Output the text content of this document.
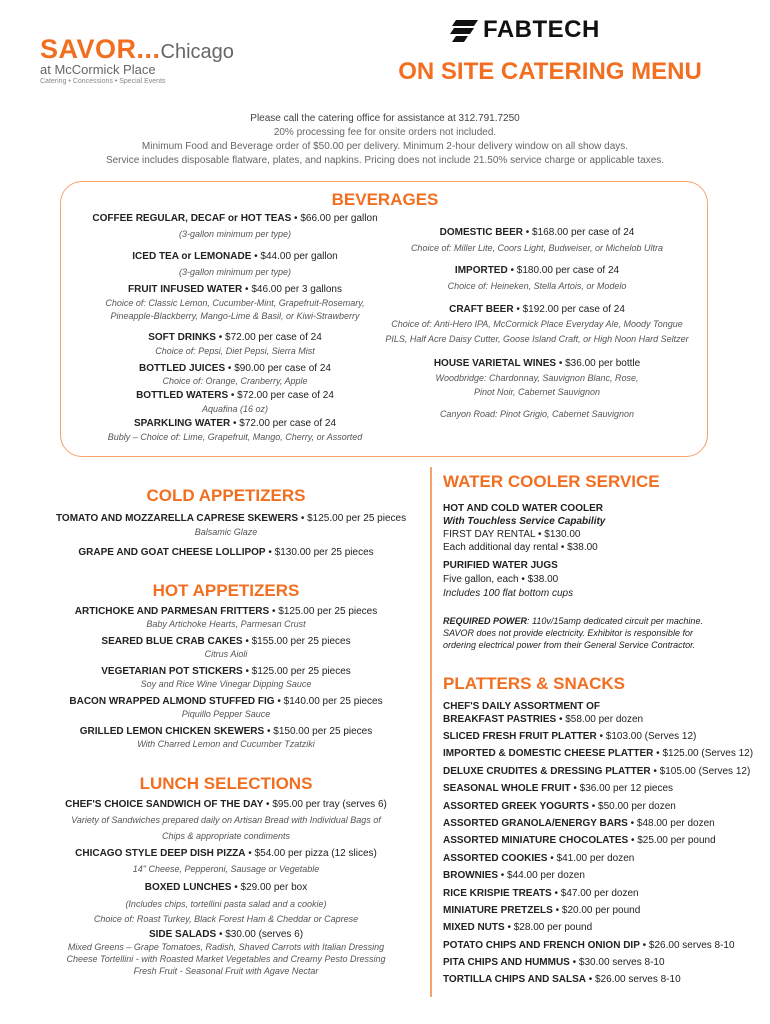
SAVOR...Chicago
at McCormick Place
Catering • Concessions • Special Events
FABTECH
ON SITE CATERING MENU
Please call the catering office for assistance at 312.791.7250
20% processing fee for onsite orders not included.
Minimum Food and Beverage order of $50.00 per delivery. Minimum 2-hour delivery window on all show days.
Service includes disposable flatware, plates, and napkins. Pricing does not include 21.50% service charge or applicable taxes.
BEVERAGES
COFFEE REGULAR, DECAF or HOT TEAS • $66.00 per gallon
(3-gallon minimum per type)
ICED TEA or LEMONADE • $44.00 per gallon
(3-gallon minimum per type)
FRUIT INFUSED WATER • $46.00 per 3 gallons
Choice of: Classic Lemon, Cucumber-Mint, Grapefruit-Rosemary,
Pineapple-Blackberry, Mango-Lime & Basil, or Kiwi-Strawberry
SOFT DRINKS • $72.00 per case of 24
Choice of: Pepsi, Diet Pepsi, Sierra Mist
BOTTLED JUICES • $90.00 per case of 24
Choice of: Orange, Cranberry, Apple
BOTTLED WATERS • $72.00 per case of 24
Aquafina (16 oz)
SPARKLING WATER • $72.00 per case of 24
Bubly – Choice of: Lime, Grapefruit, Mango, Cherry, or Assorted
DOMESTIC BEER • $168.00 per case of 24
Choice of: Miller Lite, Coors Light, Budweiser, or Michelob Ultra
IMPORTED • $180.00 per case of 24
Choice of: Heineken, Stella Artois, or Modelo
CRAFT BEER • $192.00 per case of 24
Choice of: Anti-Hero IPA, McCormick Place Everyday Ale, Moody Tongue
PILS, Half Acre Daisy Cutter, Goose Island Craft, or High Noon Hard Seltzer
HOUSE VARIETAL WINES • $36.00 per bottle
Woodbridge: Chardonnay, Sauvignon Blanc, Rose,
Pinot Noir, Cabernet Sauvignon
Canyon Road: Pinot Grigio, Cabernet Sauvignon
COLD APPETIZERS
TOMATO AND MOZZARELLA CAPRESE SKEWERS • $125.00 per 25 pieces
Balsamic Glaze
GRAPE AND GOAT CHEESE LOLLIPOP • $130.00 per 25 pieces
HOT APPETIZERS
ARTICHOKE AND PARMESAN FRITTERS • $125.00 per 25 pieces
Baby Artichoke Hearts, Parmesan Crust
SEARED BLUE CRAB CAKES • $155.00 per 25 pieces
Citrus Aioli
VEGETARIAN POT STICKERS • $125.00 per 25 pieces
Soy and Rice Wine Vinegar Dipping Sauce
BACON WRAPPED ALMOND STUFFED FIG • $140.00 per 25 pieces
Piquillo Pepper Sauce
GRILLED LEMON CHICKEN SKEWERS • $150.00 per 25 pieces
With Charred Lemon and Cucumber Tzatziki
LUNCH SELECTIONS
CHEF'S CHOICE SANDWICH OF THE DAY • $95.00 per tray (serves 6)
Variety of Sandwiches prepared daily on Artisan Bread with Individual Bags of
Chips & appropriate condiments
CHICAGO STYLE DEEP DISH PIZZA • $54.00 per pizza (12 slices)
14" Cheese, Pepperoni, Sausage or Vegetable
BOXED LUNCHES • $29.00 per box
(Includes chips, tortellini pasta salad and a cookie)
Choice of: Roast Turkey, Black Forest Ham & Cheddar or Caprese
SIDE SALADS • $30.00 (serves 6)
Mixed Greens – Grape Tomatoes, Radish, Shaved Carrots with Italian Dressing
Cheese Tortellini - with Roasted Market Vegetables and Creamy Pesto Dressing
Fresh Fruit - Seasonal Fruit with Agave Nectar
WATER COOLER SERVICE
HOT AND COLD WATER COOLER
With Touchless Service Capability
FIRST DAY RENTAL • $130.00
Each additional day rental • $38.00
PURIFIED WATER JUGS
Five gallon, each • $38.00
Includes 100 flat bottom cups
REQUIRED POWER: 110v/15amp dedicated circuit per machine.
SAVOR does not provide electricity. Exhibitor is responsible for
ordering electrical power from their General Service Contractor.
PLATTERS & SNACKS
CHEF'S DAILY ASSORTMENT OF
BREAKFAST PASTRIES • $58.00 per dozen
SLICED FRESH FRUIT PLATTER • $103.00 (Serves 12)
IMPORTED & DOMESTIC CHEESE PLATTER • $125.00 (Serves 12)
DELUXE CRUDITES & DRESSING PLATTER • $105.00 (Serves 12)
SEASONAL WHOLE FRUIT • $36.00 per 12 pieces
ASSORTED GREEK YOGURTS • $50.00 per dozen
ASSORTED GRANOLA/ENERGY BARS • $48.00 per dozen
ASSORTED MINIATURE CHOCOLATES • $25.00 per pound
ASSORTED COOKIES • $41.00 per dozen
BROWNIES • $44.00 per dozen
RICE KRISPIE TREATS • $47.00 per dozen
MINIATURE PRETZELS • $20.00 per pound
MIXED NUTS • $28.00 per pound
POTATO CHIPS AND FRENCH ONION DIP • $26.00 serves 8-10
PITA CHIPS AND HUMMUS • $30.00 serves 8-10
TORTILLA CHIPS AND SALSA • $26.00 serves 8-10
